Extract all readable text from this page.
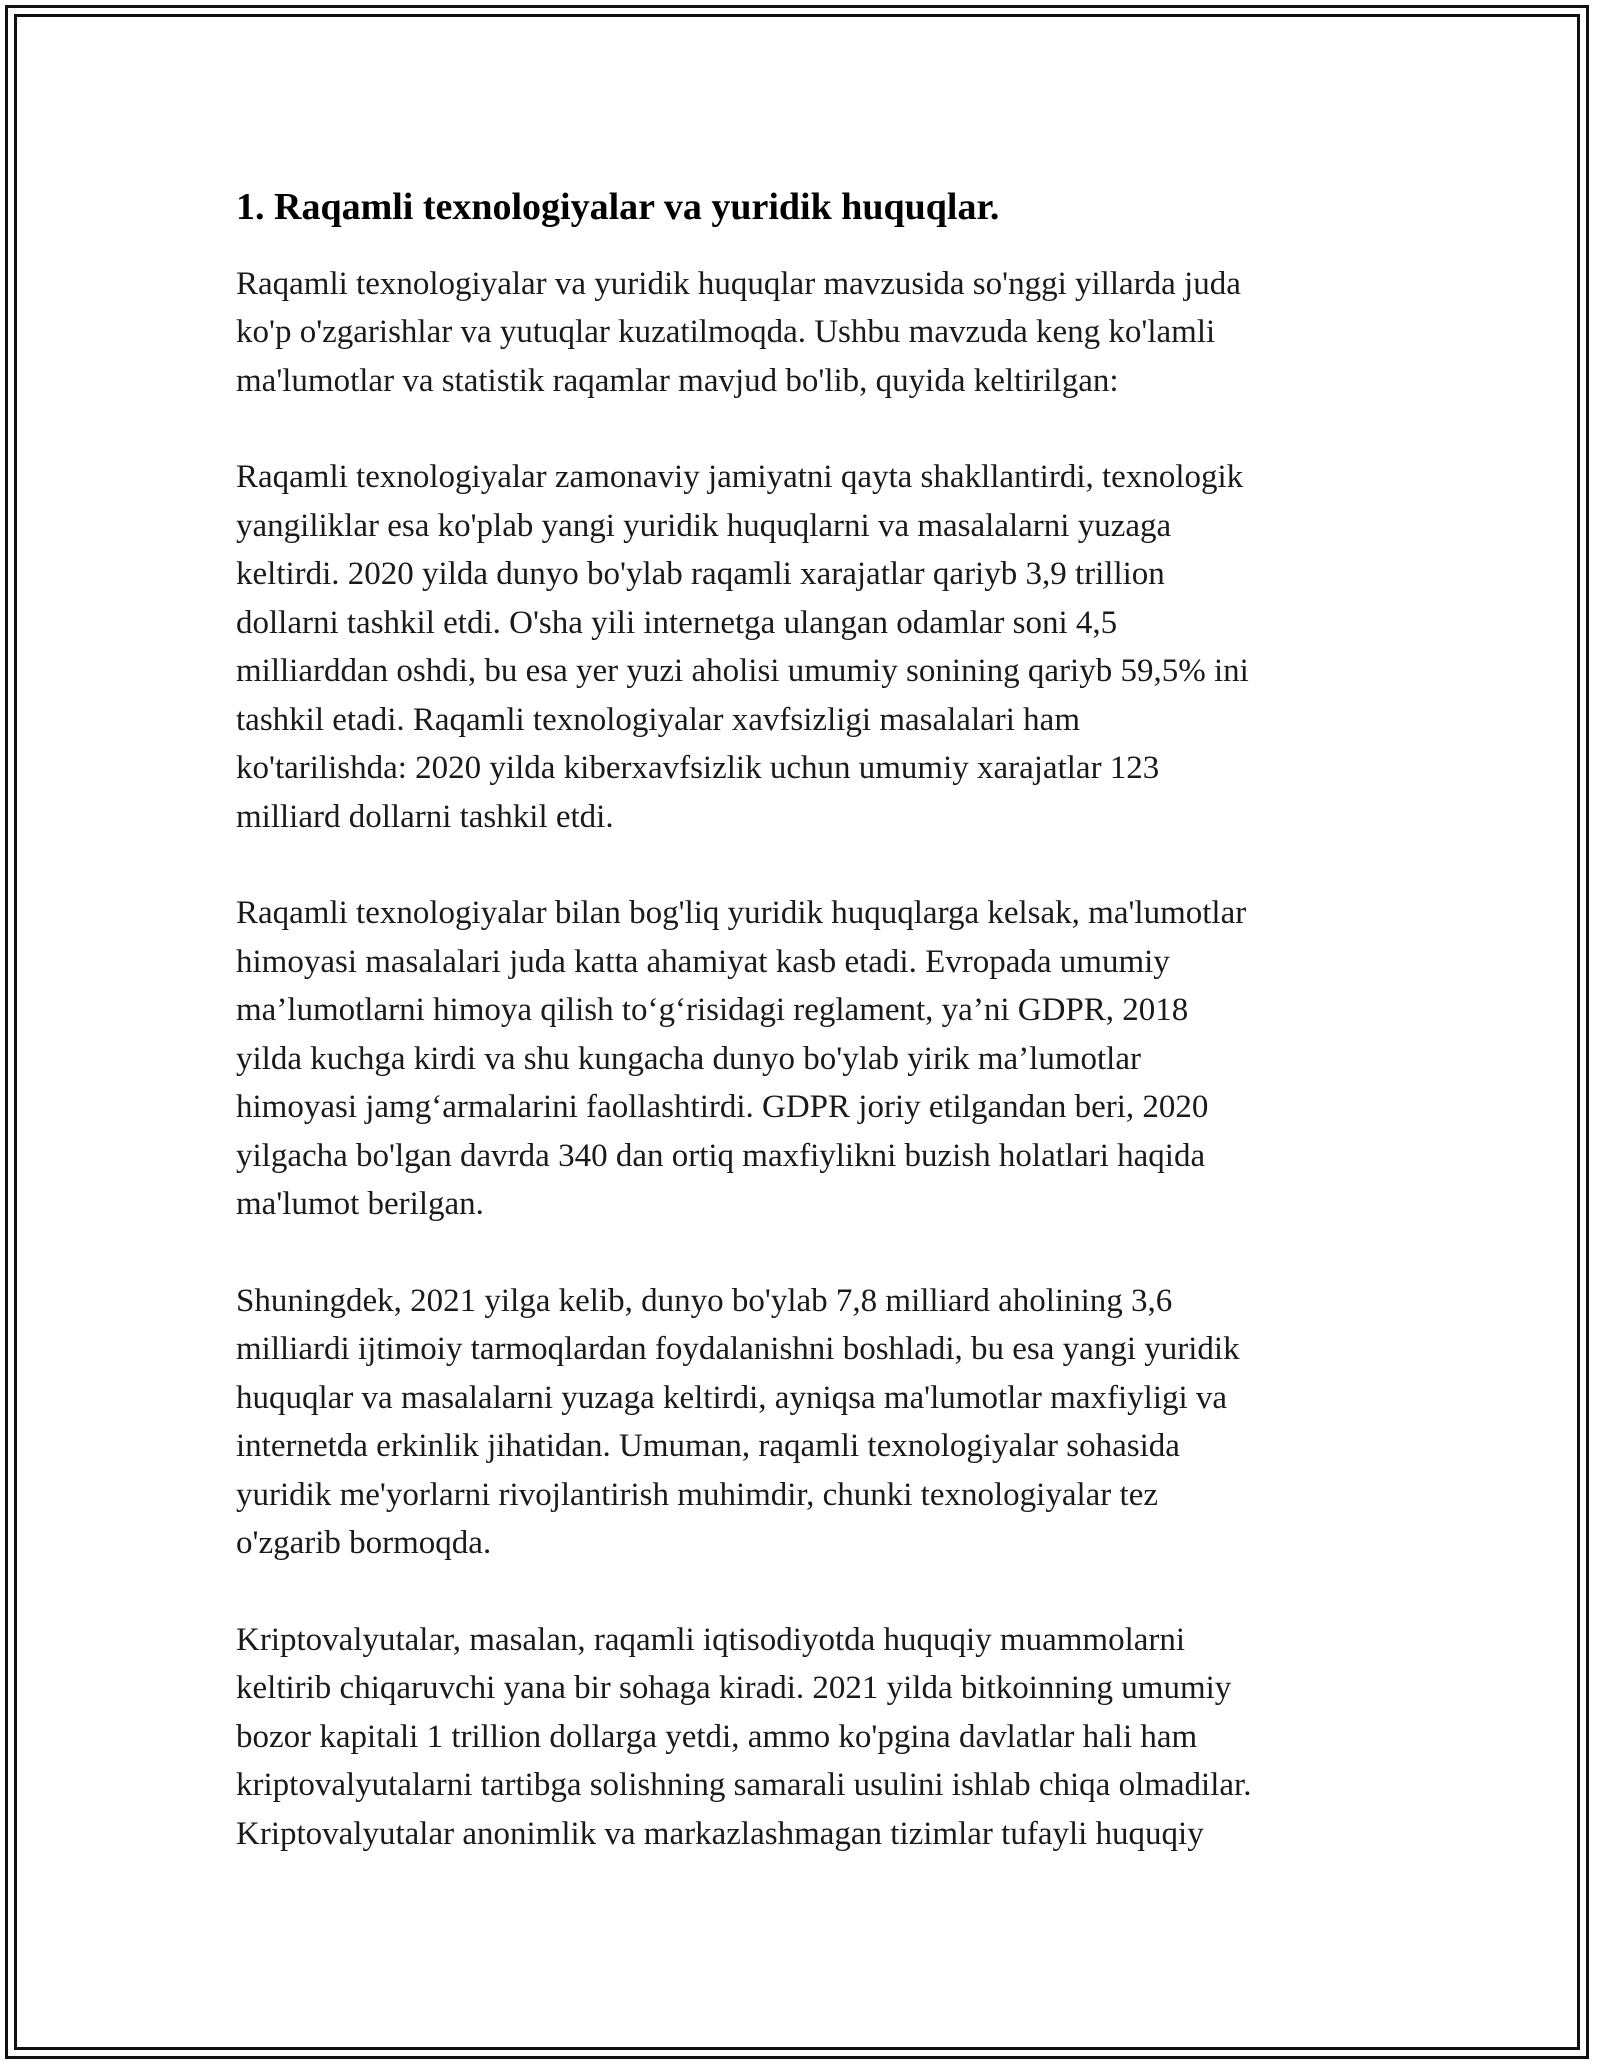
1. Raqamli texnologiyalar va yuridik huquqlar.

Raqamli texnologiyalar va yuridik huquqlar mavzusida so'nggi yillarda juda
ko'p o'zgarishlar va yutuqlar kuzatilmoqda. Ushbu mavzuda keng ko'lamli
ma'lumotlar va statistik raqamlar mavjud bo'lib, quyida keltirilgan:

Raqamli texnologiyalar zamonaviy jamiyatni qayta shakllantirdi, texnologik
yangiliklar esa ko'plab yangi yuridik huquqlarni va masalalarni yuzaga
keltirdi. 2020 yilda dunyo bo'ylab raqamli xarajatlar qariyb 3,9 trillion
dollarni tashkil etdi. O'sha yili internetga ulangan odamlar soni 4,5
milliarddan oshdi, bu esa yer yuzi aholisi umumiy sonining qariyb 59,5% ini
tashkil etadi. Raqamli texnologiyalar xavfsizligi masalalari ham
ko'tarilishda: 2020 yilda kiberxavfsizlik uchun umumiy xarajatlar 123
milliard dollarni tashkil etdi.

Raqamli texnologiyalar bilan bog'liq yuridik huquqlarga kelsak, ma'lumotlar
himoyasi masalalari juda katta ahamiyat kasb etadi. Evropada umumiy
ma’lumotlarni himoya qilish to‘g‘risidagi reglament, ya’ni GDPR, 2018
yilda kuchga kirdi va shu kungacha dunyo bo'ylab yirik ma’lumotlar
himoyasi jamg‘armalarini faollashtirdi. GDPR joriy etilgandan beri, 2020
yilgacha bo'lgan davrda 340 dan ortiq maxfiylikni buzish holatlari haqida
ma'lumot berilgan.

Shuningdek, 2021 yilga kelib, dunyo bo'ylab 7,8 milliard aholining 3,6
milliardi ijtimoiy tarmoqlardan foydalanishni boshladi, bu esa yangi yuridik
huquqlar va masalalarni yuzaga keltirdi, ayniqsa ma'lumotlar maxfiyligi va
internetda erkinlik jihatidan. Umuman, raqamli texnologiyalar sohasida
yuridik me'yorlarni rivojlantirish muhimdir, chunki texnologiyalar tez
o'zgarib bormoqda.

Kriptovalyutalar, masalan, raqamli iqtisodiyotda huquqiy muammolarni
keltirib chiqaruvchi yana bir sohaga kiradi. 2021 yilda bitkoinning umumiy
bozor kapitali 1 trillion dollarga yetdi, ammo ko'pgina davlatlar hali ham
kriptovalyutalarni tartibga solishning samarali usulini ishlab chiqa olmadilar.
Kriptovalyutalar anonimlik va markazlashmagan tizimlar tufayli huquqiy
